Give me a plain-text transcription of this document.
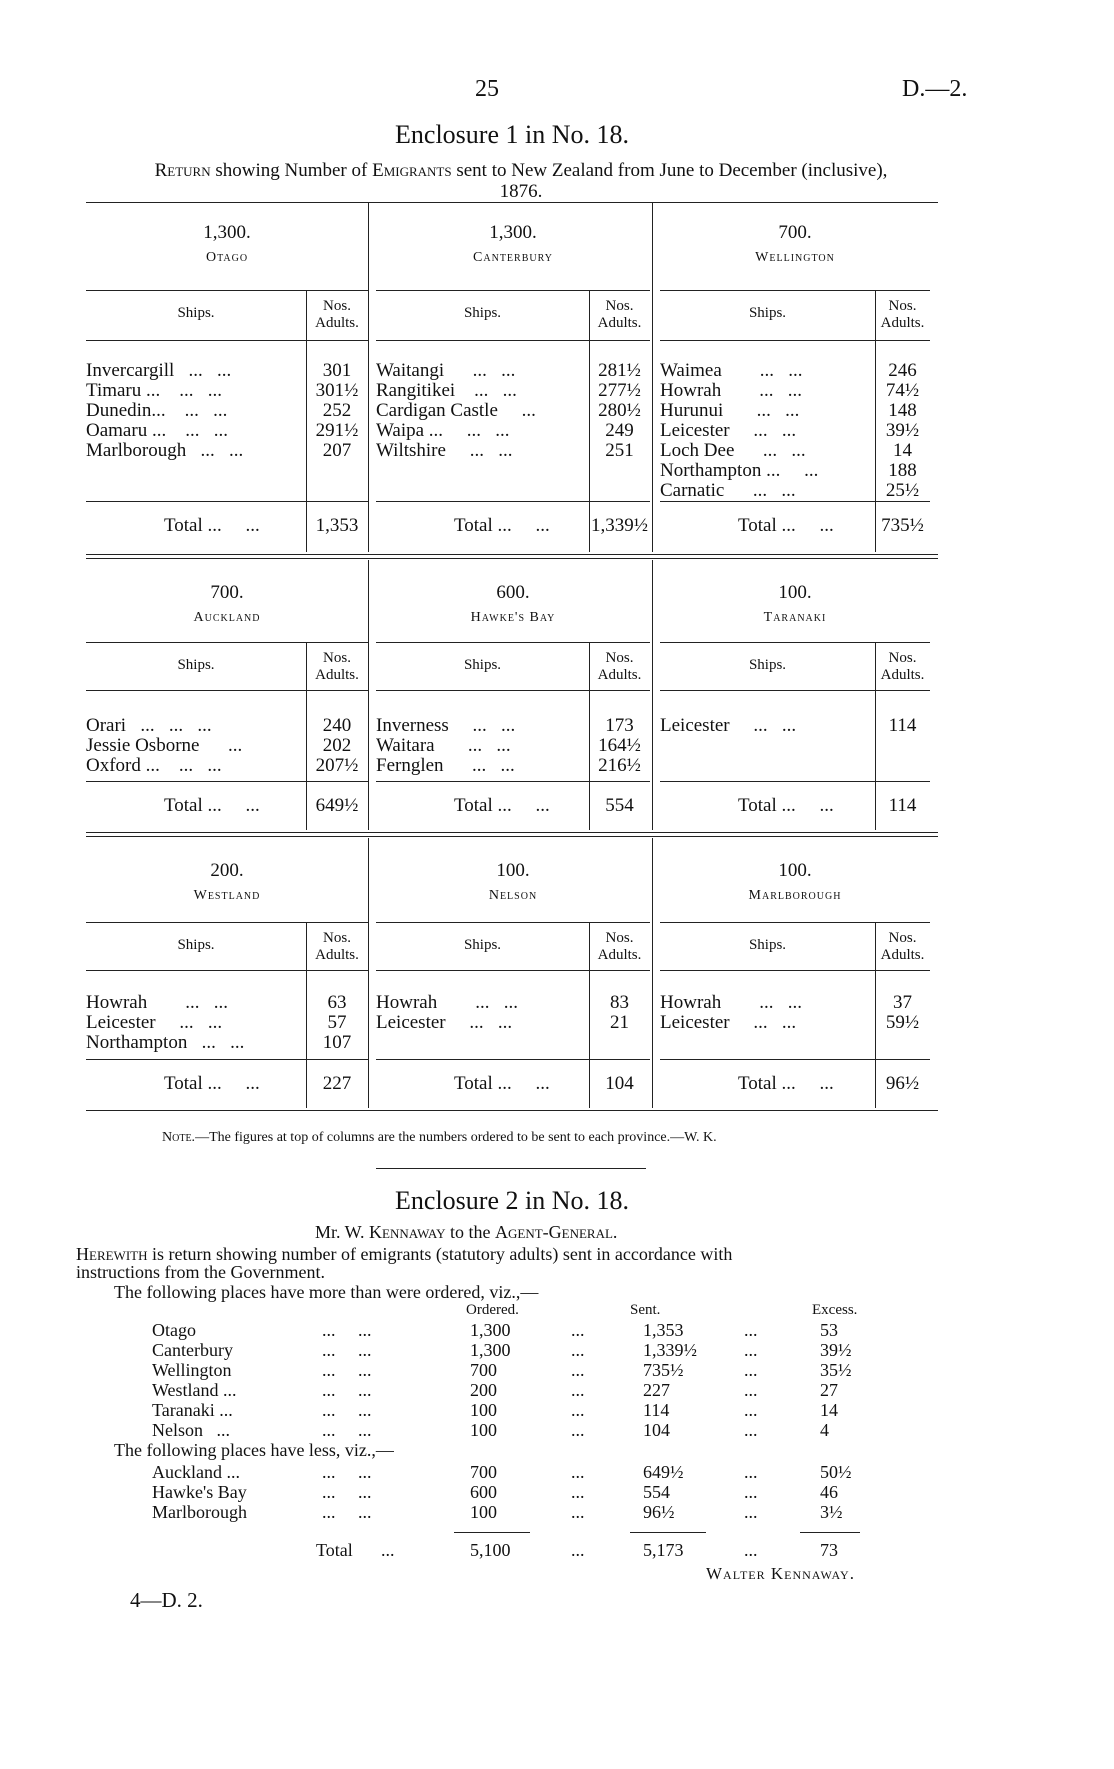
25	D.—2.
Enclosure 1 in No. 18.
Return showing Number of Emigrants sent to New Zealand from June to December (inclusive),
1876.
1,300.
Otago
Ships.	Nos.
Adults.
Invercargill   ...   ...	301
Timaru ...    ...   ...	301½
Dunedin...    ...   ...	252
Oamaru ...    ...   ...	291½
Marlborough   ...   ...	207
Total ...     ...	1,353
1,300.
Canterbury
Ships.	Nos.
Adults.
Waitangi      ...   ...	281½
Rangitikei    ...   ...	277½
Cardigan Castle     ...	280½
Waipa ...     ...   ...	249
Wiltshire     ...   ...	251
Total ...     ... 1,339½
700.
Wellington
Ships.	Nos.
Adults.
Waimea        ...   ...	246
Howrah        ...   ...	74½
Hurunui       ...   ...	148
Leicester     ...   ...	39½
Loch Dee      ...   ...	14
Northampton ...     ...	188
Carnatic      ...   ...	25½
Total ...     ...	735½
700.
Auckland
Ships.	Nos.
Adults.
Orari   ...   ...   ...	240
Jessie Osborne      ...	202
Oxford ...    ...   ...	207½
Total ...     ...	649½
600.
Hawke's Bay
Ships.	Nos.
Adults.
Inverness     ...   ...	173
Waitara       ...   ...	164½
Fernglen      ...   ...	216½
Total ...     ...	554
100.
Taranaki
Ships.	Nos.
Adults.
Leicester     ...   ...	114
Total ...     ...	114
200.
Westland
Ships.	Nos.
Adults.
Howrah        ...   ...	63
Leicester     ...   ...	57
Northampton   ...   ...	107
Total ...     ...	227
100.
Nelson
Ships.	Nos.
Adults.
Howrah        ...   ...	83
Leicester     ...   ...	21
Total ...     ...	104
100.
Marlborough
Ships.	Nos.
Adults.
Howrah        ...   ...	37
Leicester     ...   ...	59½
Total ...     ...	96½
Note.—The figures at top of columns are the numbers ordered to be sent to each province.—W. K.
Enclosure 2 in No. 18.
Mr. W. Kennaway to the Agent-General.
Herewith is return showing number of emigrants (statutory adults) sent in accordance with
instructions from the Government.
The following places have more than were ordered, viz.,—
Ordered.	Sent.	Excess.
Otago	...     ...	1,300	...	1,353	...	53
Canterbury	...     ...	1,300	...	1,339½	...	39½
Wellington	...     ...	700	...	735½	...	35½
Westland ...	...     ...	200	...	227	...	27
Taranaki ...	...     ...	100	...	114	...	14
Nelson   ...	...     ...	100	...	104	...	4
The following places have less, viz.,—
Auckland ...	...     ...	700	...	649½	...	50½
Hawke's Bay	...     ...	600	...	554	...	46
Marlborough	...     ...	100	...	96½	...	3½
Total ...	5,100	...	5,173	...	73
Walter Kennaway.
4—D. 2.
